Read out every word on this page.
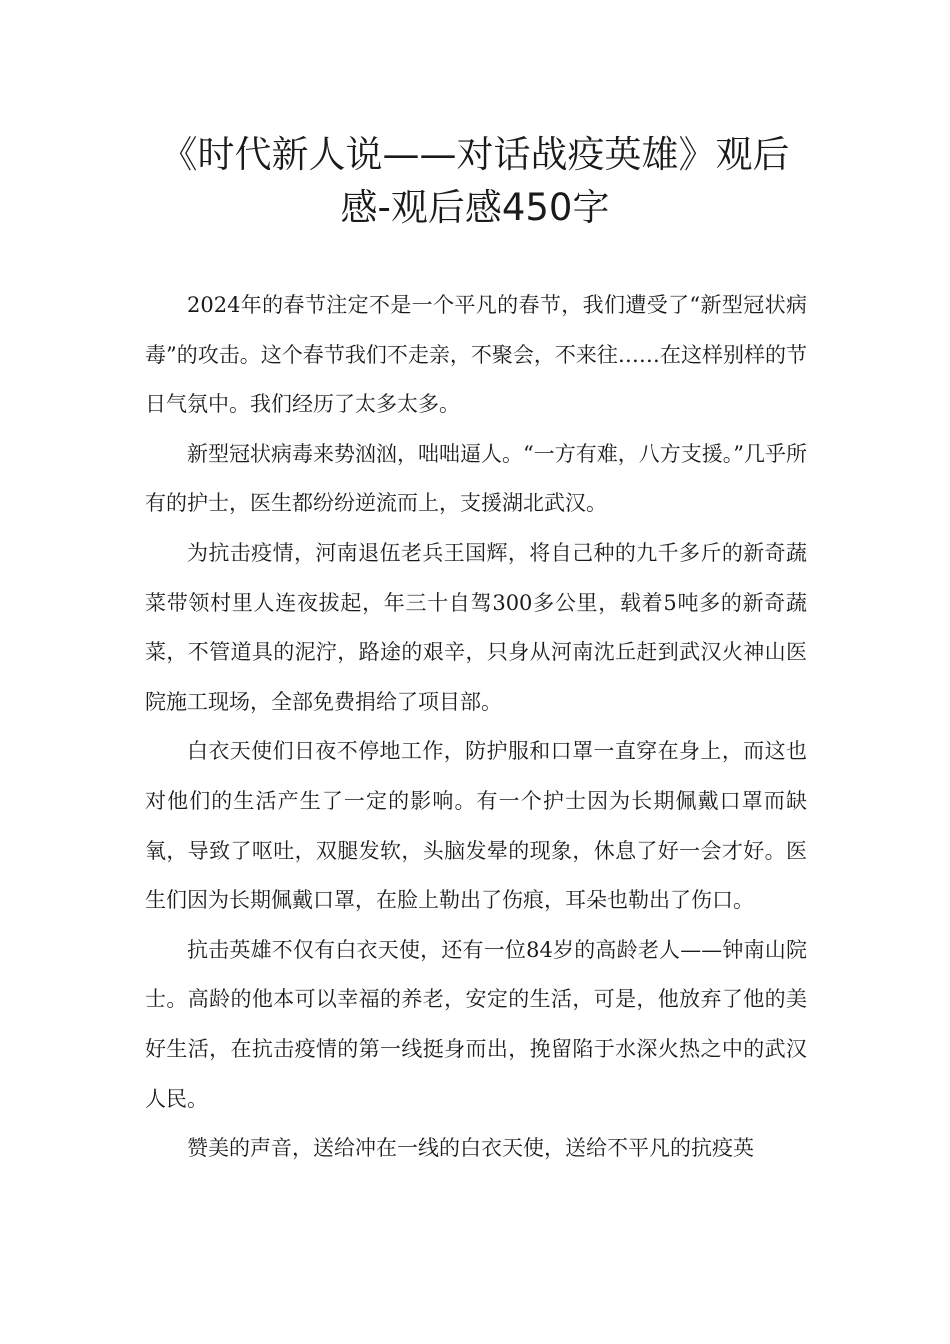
《时代新人说——对话战疫英雄》观后
感-观后感450字

2024年的春节注定不是一个平凡的春节，我们遭受了“新型冠状病毒”的攻击。这个春节我们不走亲，不聚会，不来往……在这样别样的节日气氛中。我们经历了太多太多。

新型冠状病毒来势汹汹，咄咄逼人。“一方有难，八方支援。”几乎所有的护士，医生都纷纷逆流而上，支援湖北武汉。

为抗击疫情，河南退伍老兵王国辉，将自己种的九千多斤的新奇蔬菜带领村里人连夜拔起，年三十自驾300多公里，载着5吨多的新奇蔬菜，不管道具的泥泞，路途的艰辛，只身从河南沈丘赶到武汉火神山医院施工现场，全部免费捐给了项目部。

白衣天使们日夜不停地工作，防护服和口罩一直穿在身上，而这也对他们的生活产生了一定的影响。有一个护士因为长期佩戴口罩而缺氧，导致了呕吐，双腿发软，头脑发晕的现象，休息了好一会才好。医生们因为长期佩戴口罩，在脸上勒出了伤痕，耳朵也勒出了伤口。

抗击英雄不仅有白衣天使，还有一位84岁的高龄老人——钟南山院士。高龄的他本可以幸福的养老，安定的生活，可是，他放弃了他的美好生活，在抗击疫情的第一线挺身而出，挽留陷于水深火热之中的武汉人民。

赞美的声音，送给冲在一线的白衣天使，送给不平凡的抗疫英
